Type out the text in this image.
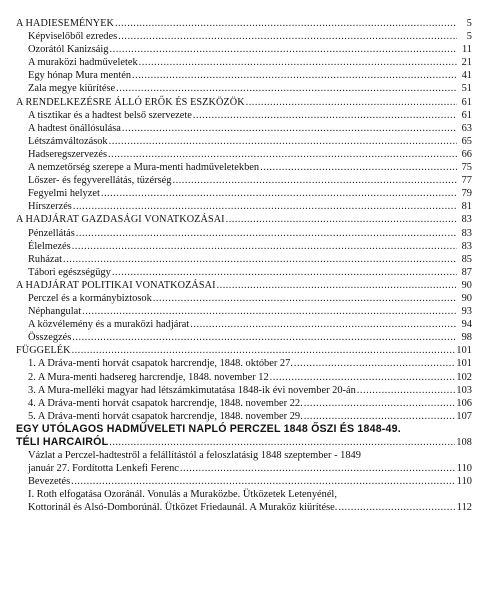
A HADIESEMÉNYEK .....	5
Képviselőből ezredes .....	5
Ozorától Kanizsáig .....	11
A muraközi hadműveletek .....	21
Egy hónap Mura mentén .....	41
Zala megye kiürítése .....	51
A RENDELKEZÉSRE ÁLLÓ ERŐK ÉS ESZKÖZÖK .....	61
A tisztikar és a hadtest belső szervezete .....	61
A hadtest önállósulása .....	63
Létszámváltozások .....	65
Hadseregszervezés .....	66
A nemzetőrség szerepe a Mura-menti hadműveletekben .....	75
Lőszer- és fegyverellátás, tüzérség .....	77
Fegyelmi helyzet .....	79
Hírszerzés .....	81
A HADJÁRAT GAZDASÁGI VONATKOZÁSAI .....	83
Pénzellátás .....	83
Élelmezés .....	83
Ruházat .....	85
Tábori egészségügy .....	87
A HADJÁRAT POLITIKAI VONATKOZÁSAI .....	90
Perczel és a kormánybiztosok .....	90
Néphangulat .....	93
A közvélemény és a muraközi hadjárat .....	94
Összegzés .....	98
FÜGGELÉK .....	101
1. A Dráva-menti horvát csapatok harcrendje, 1848. október 27. .....	101
2. A Mura-menti hadsereg harcrendje, 1848. november 12 .....	102
3. A Mura-melléki magyar had létszámkimutatása 1848-ik évi november 20-án .....	103
4. A Dráva-menti horvát csapatok harcrendje, 1848. november 22. .....	106
5. A Dráva-menti horvát csapatok harcrendje, 1848. november 29. .....	107
EGY UTÓLAGOS HADMŰVELETI NAPLÓ PERCZEL 1848 ŐSZI ÉS 1848-49.
TÉLI HARCAIRÓL .....	108
Vázlat a Perczel-hadtestről a felállítástól a feloszlatásig 1848 szeptember - 1849
január 27. Fordította Lenkefi Ferenc .....	110
Bevezetés .....	110
I. Roth elfogatása Ozoránál. Vonulás a Muraközbe. Ütközetek Letenyénél,
Kottorinál és Alsó-Domborúnál. Ütközet Friedaunál. A Muraköz kiürítése. .....	112
